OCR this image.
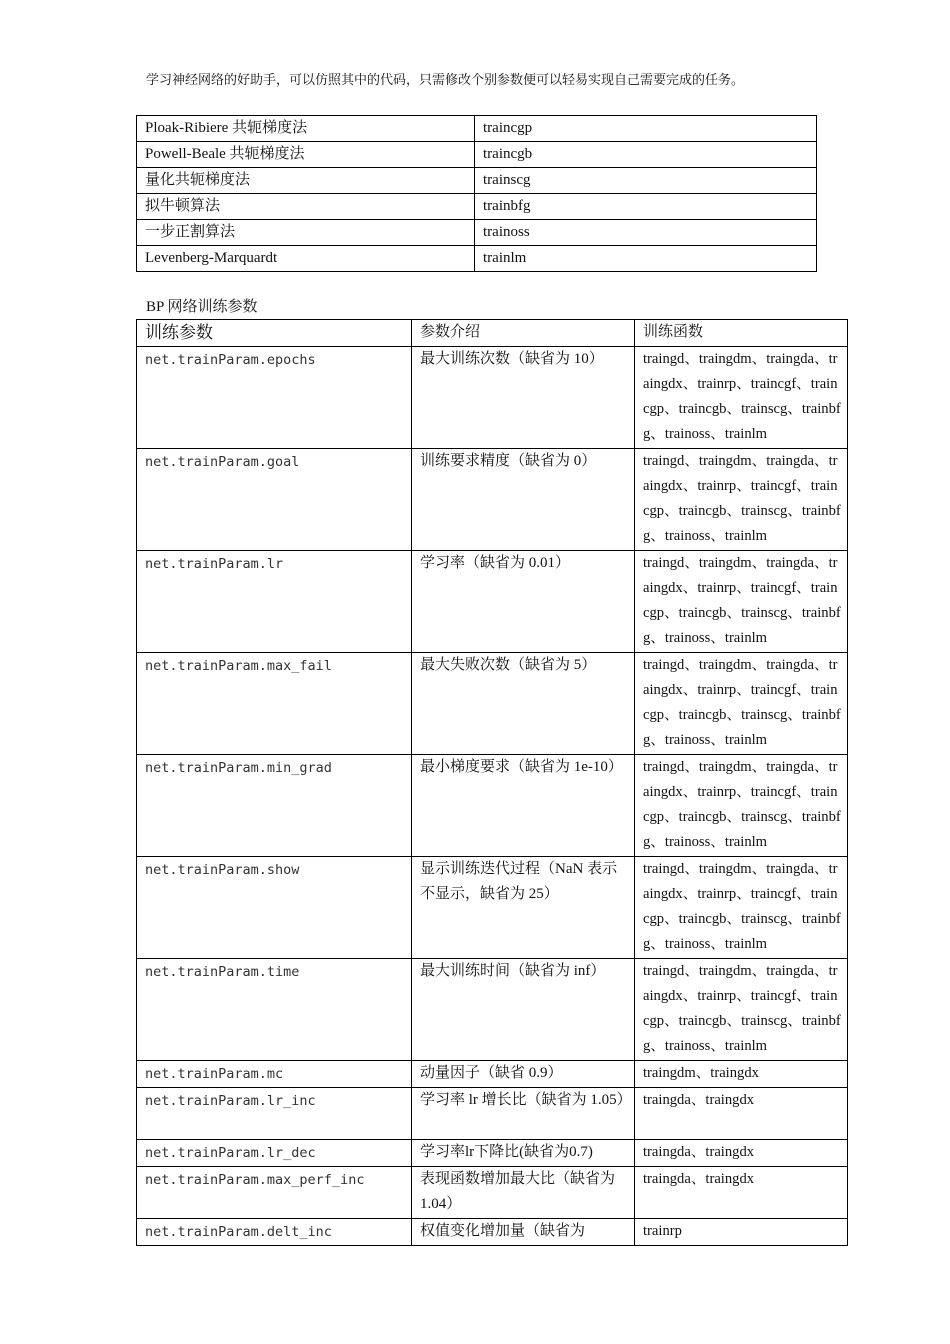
学习神经网络的好助手，可以仿照其中的代码，只需修改个别参数便可以轻易实现自己需要完成的任务。
Ploak-Ribiere 共轭梯度法	traincgp
Powell-Beale 共轭梯度法	traincgb
量化共轭梯度法	trainscg
拟牛顿算法	trainbfg
一步正割算法	trainoss
Levenberg-Marquardt	trainlm
BP 网络训练参数
训练参数	参数介绍	训练函数
net.trainParam.epochs	最大训练次数（缺省为 10）	traingd、traingdm、traingda、traingdx、trainrp、traincgf、traincgp、traincgb、trainscg、trainbfg、trainoss、trainlm
net.trainParam.goal	训练要求精度（缺省为 0）	traingd、traingdm、traingda、traingdx、trainrp、traincgf、traincgp、traincgb、trainscg、trainbfg、trainoss、trainlm
net.trainParam.lr	学习率（缺省为 0.01）	traingd、traingdm、traingda、traingdx、trainrp、traincgf、traincgp、traincgb、trainscg、trainbfg、trainoss、trainlm
net.trainParam.max_fail	最大失败次数（缺省为 5）	traingd、traingdm、traingda、traingdx、trainrp、traincgf、traincgp、traincgb、trainscg、trainbfg、trainoss、trainlm
net.trainParam.min_grad	最小梯度要求（缺省为 1e-10）	traingd、traingdm、traingda、traingdx、trainrp、traincgf、traincgp、traincgb、trainscg、trainbfg、trainoss、trainlm
net.trainParam.show	显示训练迭代过程（NaN 表示不显示，缺省为 25）	traingd、traingdm、traingda、traingdx、trainrp、traincgf、traincgp、traincgb、trainscg、trainbfg、trainoss、trainlm
net.trainParam.time	最大训练时间（缺省为 inf）	traingd、traingdm、traingda、traingdx、trainrp、traincgf、traincgp、traincgb、trainscg、trainbfg、trainoss、trainlm
net.trainParam.mc	动量因子（缺省 0.9）	traingdm、traingdx
net.trainParam.lr_inc	学习率 lr 增长比（缺省为 1.05）	traingda、traingdx
net.trainParam.lr_dec	学习率lr下降比(缺省为0.7)	traingda、traingdx
net.trainParam.max_perf_inc	表现函数增加最大比（缺省为 1.04）	traingda、traingdx
net.trainParam.delt_inc	权值变化增加量（缺省为	trainrp
